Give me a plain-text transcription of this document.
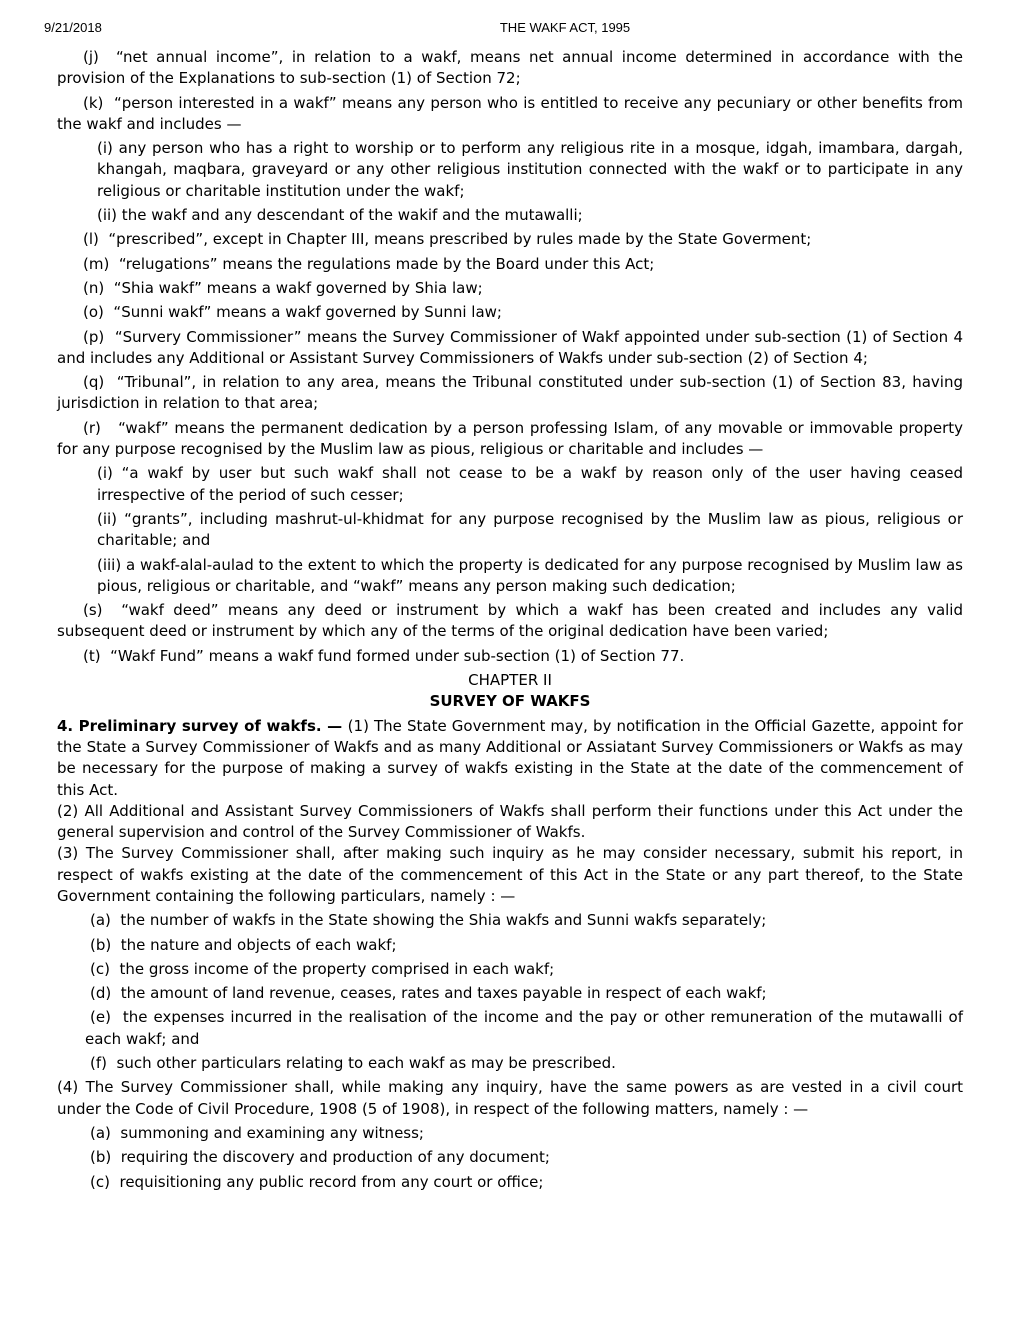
9/21/2018	THE WAKF ACT, 1995

(j)  “net annual income”, in relation to a wakf, means net annual income determined in accordance with the provision of the Explanations to sub-section (1) of Section 72;

(k)  “person interested in a wakf” means any person who is entitled to receive any pecuniary or other benefits from the wakf and includes —

(i) any person who has a right to worship or to perform any religious rite in a mosque, idgah, imambara, dargah, khangah, maqbara, graveyard or any other religious institution connected with the wakf or to participate in any religious or charitable institution under the wakf;

(ii) the wakf and any descendant of the wakif and the mutawalli;

(l)  “prescribed”, except in Chapter III, means prescribed by rules made by the State Goverment;

(m)  “relugations” means the regulations made by the Board under this Act;

(n)  “Shia wakf” means a wakf governed by Shia law;

(o)  “Sunni wakf” means a wakf governed by Sunni law;

(p)  “Survery Commissioner” means the Survey Commissioner of Wakf appointed under sub-section (1) of Section 4 and includes any Additional or Assistant Survey Commissioners of Wakfs under sub-section (2) of Section 4;

(q)  “Tribunal”, in relation to any area, means the Tribunal constituted under sub-section (1) of Section 83, having jurisdiction in relation to that area;

(r)   “wakf” means the permanent dedication by a person professing Islam, of any movable or immovable property for any purpose recognised by the Muslim law as pious, religious or charitable and includes —

(i) “a wakf by user but such wakf shall not cease to be a wakf by reason only of the user having ceased irrespective of the period of such cesser;

(ii) “grants”, including mashrut-ul-khidmat for any purpose recognised by the Muslim law as pious, religious or charitable; and

(iii) a wakf-alal-aulad to the extent to which the property is dedicated for any purpose recognised by Muslim law as pious, religious or charitable, and “wakf” means any person making such dedication;

(s)  “wakf deed” means any deed or instrument by which a wakf has been created and includes any valid subsequent deed or instrument by which any of the terms of the original dedication have been varied;

(t)  “Wakf Fund” means a wakf fund formed under sub-section (1) of Section 77.

CHAPTER II

SURVEY OF WAKFS

4. Preliminary survey of wakfs. — (1) The State Government may, by notification in the Official Gazette, appoint for the State a Survey Commissioner of Wakfs and as many Additional or Assiatant Survey Commissioners or Wakfs as may be necessary for the purpose of making a survey of wakfs existing in the State at the date of the commencement of this Act.

(2) All Additional and Assistant Survey Commissioners of Wakfs shall perform their functions under this Act under the general supervision and control of the Survey Commissioner of Wakfs.

(3) The Survey Commissioner shall, after making such inquiry as he may consider necessary, submit his report, in respect of wakfs existing at the date of the commencement of this Act in the State or any part thereof, to the State Government containing the following particulars, namely : —

(a)  the number of wakfs in the State showing the Shia wakfs and Sunni wakfs separately;

(b)  the nature and objects of each wakf;

(c)  the gross income of the property comprised in each wakf;

(d)  the amount of land revenue, ceases, rates and taxes payable in respect of each wakf;

(e)  the expenses incurred in the realisation of the income and the pay or other remuneration of the mutawalli of each wakf; and

(f)  such other particulars relating to each wakf as may be prescribed.

(4) The Survey Commissioner shall, while making any inquiry, have the same powers as are vested in a civil court under the Code of Civil Procedure, 1908 (5 of 1908), in respect of the following matters, namely : —

(a)  summoning and examining any witness;

(b)  requiring the discovery and production of any document;

(c)  requisitioning any public record from any court or office;
